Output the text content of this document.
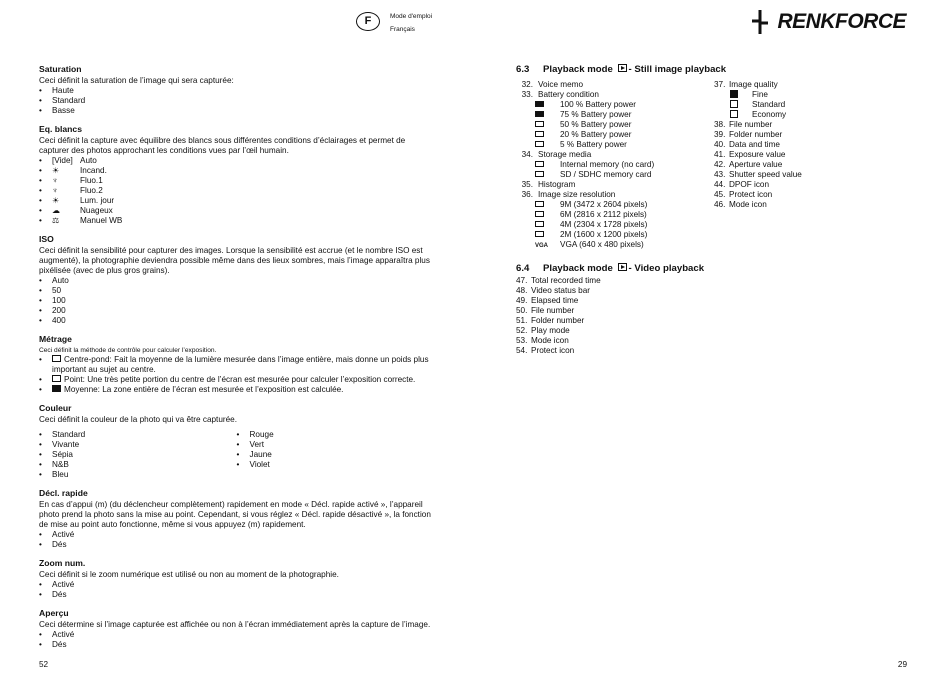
F	Mode d'emploi
Français	RENKFORCE
Saturation

Ceci définit la saturation de l’image qui sera capturée:

• Haute
• Standard
• Basse
Eq. blancs

Ceci définit la capture avec équilibre des blancs sous différentes conditions d’éclairages et permet de capturer des photos approchant les conditions vues par l’œil humain.

• [Vide] Auto
• ☀	Incand.
• ♆	Fluo.1
• ♆	Fluo.2
• ☀	Lum. jour
• ☁ Nuageux
• ⚖	Manuel WB
ISO

Ceci définit la sensibilité pour capturer des images. Lorsque la sensibilité est accrue (et le nombre ISO est augmenté), la photographie deviendra possible même dans des lieux sombres, mais l’image apparaîtra plus pixélisée (avec de plus gros grains).

• Auto
• 50
• 100
• 200
• 400
Métrage

Ceci définit la méthode de contrôle pour calculer l’exposition.

• Centre-pond: Fait la moyenne de la lumière mesurée dans l’image entière, mais donne un poids plus important au sujet au centre.
• Point: Une très petite portion du centre de l’écran est mesurée pour calculer l’exposition correcte.
• Moyenne: La zone entière de l’écran est mesurée et l’exposition est calculée.
Couleur

Ceci définit la couleur de la photo qui va être capturée.

• Standard
• Vivante
• Sépia
• N&B
• Bleu
• Rouge
• Vert
• Jaune
• Violet
Décl. rapide

En cas d’appui (m) (du déclencheur complètement) rapidement en mode « Décl. rapide activé », l’appareil photo prend la photo sans la mise au point. Cependant, si vous réglez « Décl. rapide désactivé », la fonction de mise au point auto fonctionne, même si vous appuyez (m) rapidement.

• Activé
• Dés
Zoom num.

Ceci définit si le zoom numérique est utilisé ou non au moment de la photographie.

• Activé
• Dés
Aperçu

Ceci détermine si l’image capturée est affichée ou non à l’écran immédiatement après la capture de l’image.

• Activé
• Dés
52

6.3 Playback mode - Still image playback

32. Voice memo
33. Battery condition
100 % Battery power
75 % Battery power
50 % Battery power
20 % Battery power
5 % Battery power
34. Storage media
Internal memory (no card)
SD / SDHC memory card
35. Histogram
36. Image size resolution
9M (3472 x 2604 pixels)
6M (2816 x 2112 pixels)
4M (2304 x 1728 pixels)
2M (1600 x 1200 pixels)
VGA VGA (640 x 480 pixels)
37. Image quality
Fine
Standard
Economy
38. File number
39. Folder number
40. Data and time
41. Exposure value
42. Aperture value
43. Shutter speed value
44. DPOF icon
45. Protect icon
46. Mode icon

6.4 Playback mode - Video playback

47. Total recorded time
48. Video status bar
49. Elapsed time
50. File number
51. Folder number
52. Play mode
53. Mode icon
54. Protect icon
29
